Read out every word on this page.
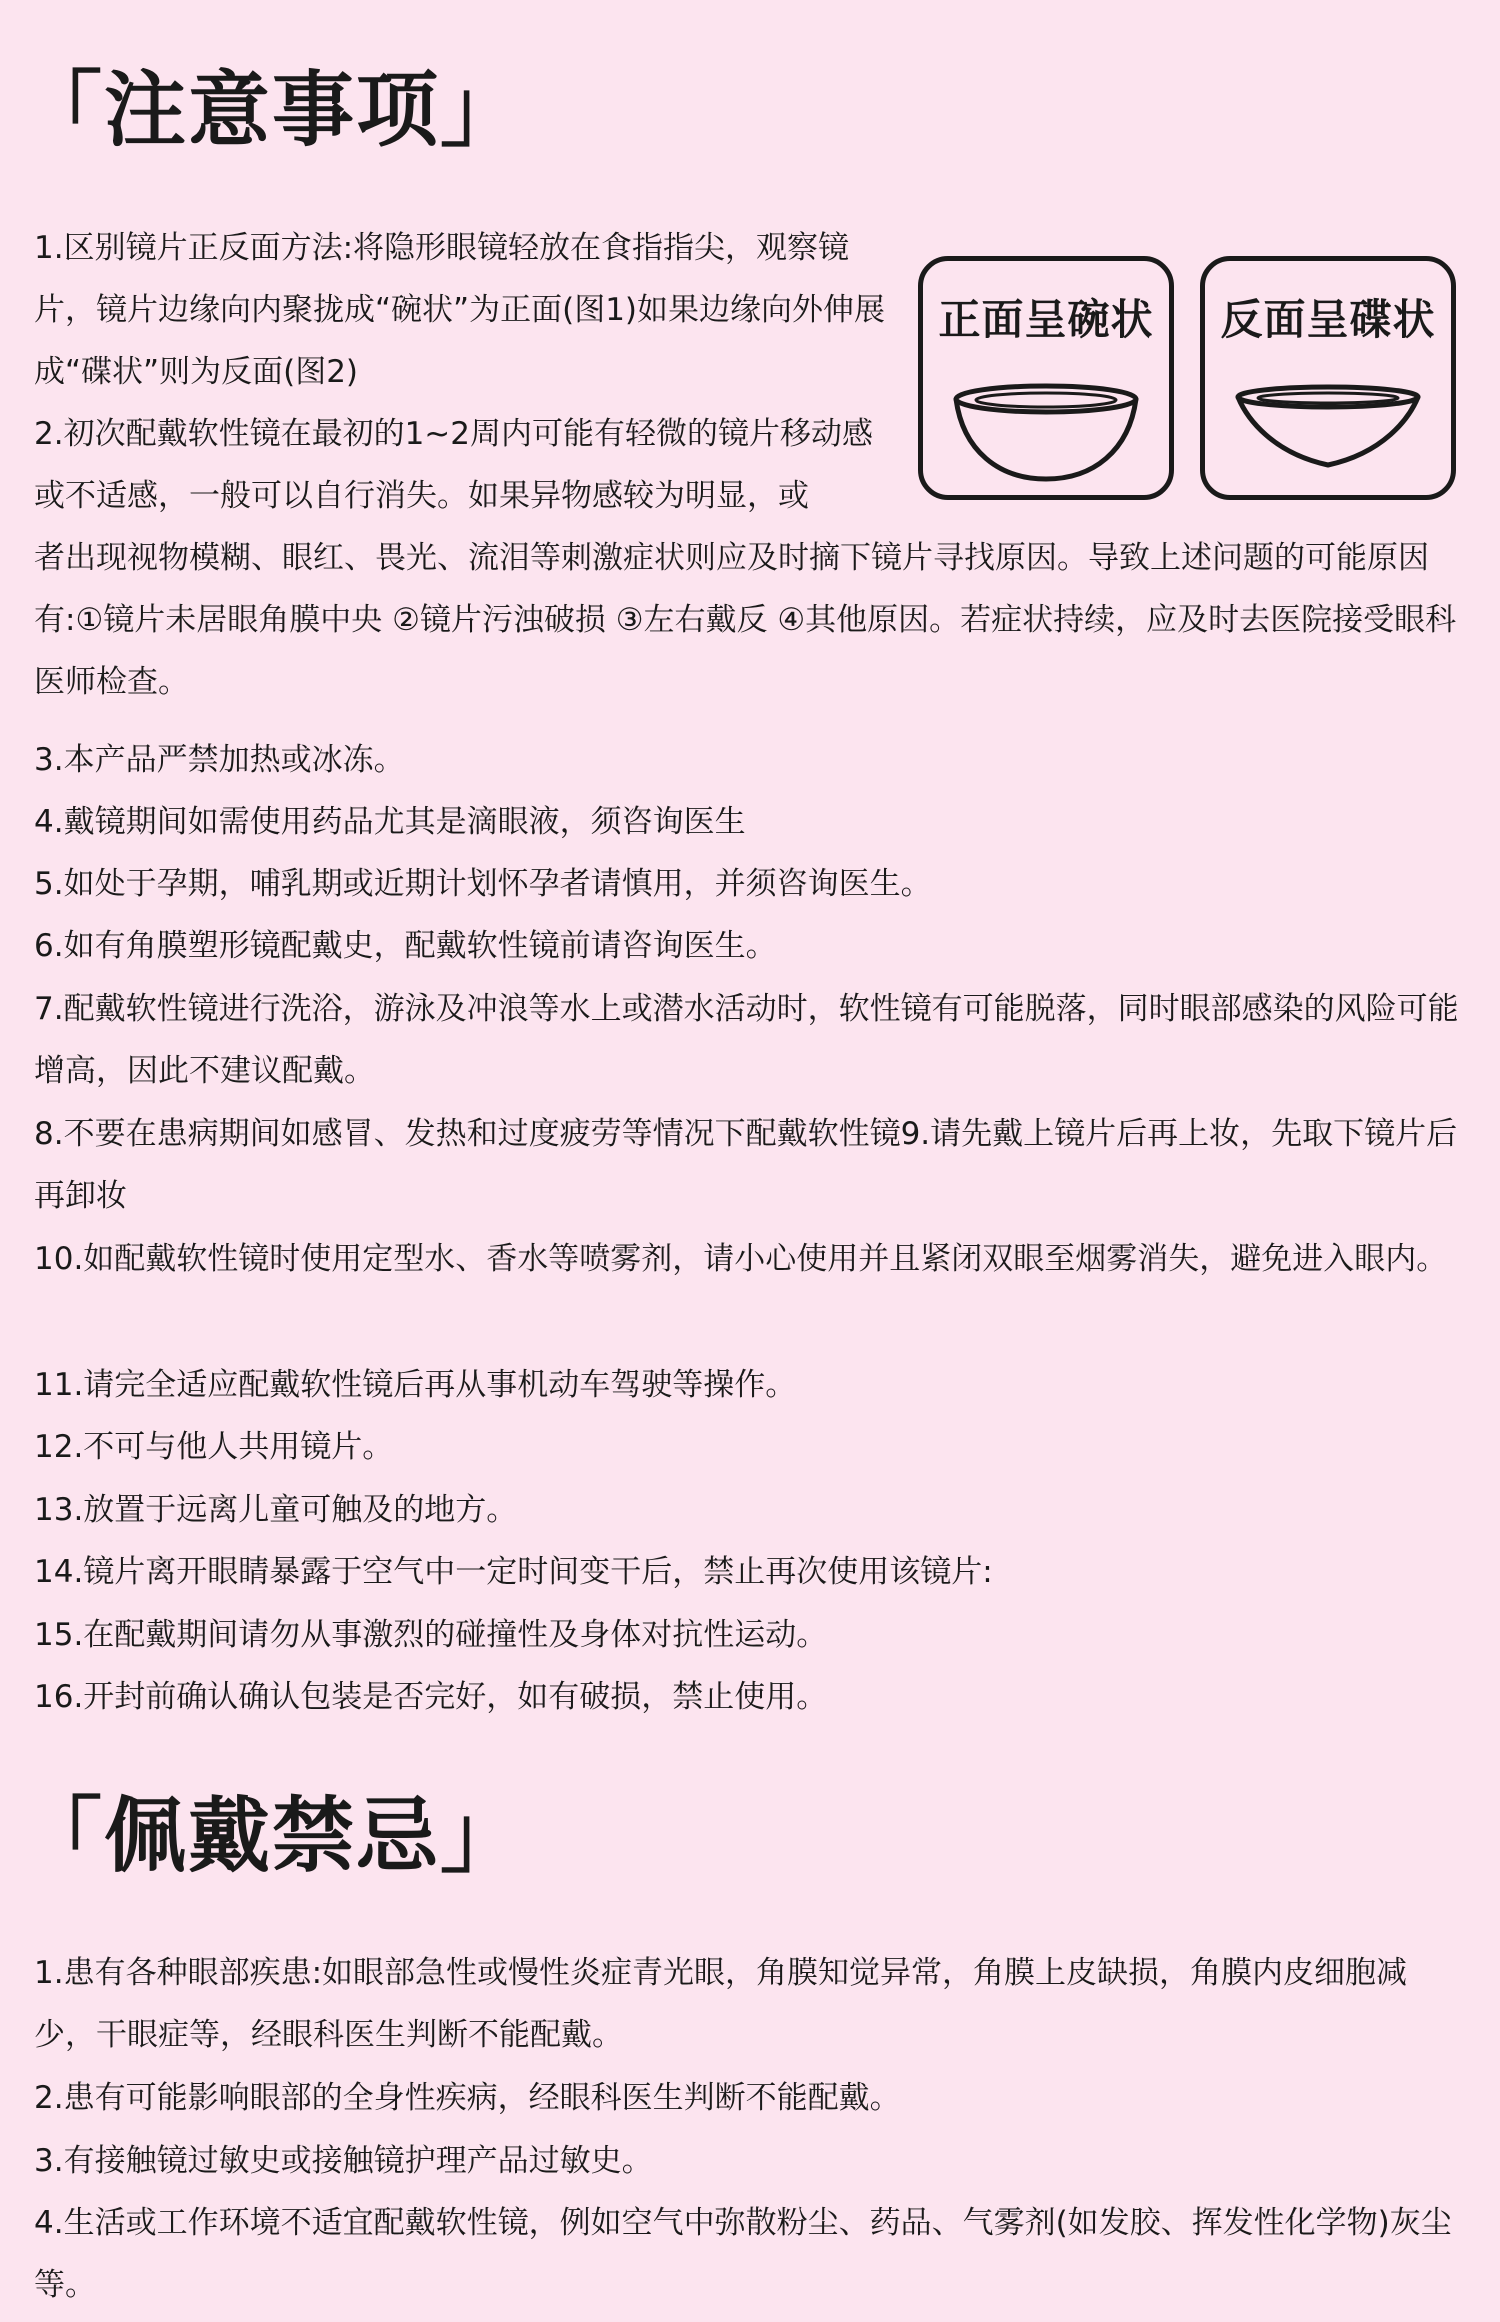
「注意事项」

1.区别镜片正反面方法:将隐形眼镜轻放在食指指尖，观察镜片，镜片边缘向内聚拢成“碗状”为正面(图1)如果边缘向外伸展成“碟状”则为反面(图2)

2.初次配戴软性镜在最初的1~2周内可能有轻微的镜片移动感或不适感，一般可以自行消失。如果异物感较为明显，或

者出现视物模糊、眼红、畏光、流泪等刺激症状则应及时摘下镜片寻找原因。导致上述问题的可能原因有:①镜片未居眼角膜中央 ②镜片污浊破损 ③左右戴反 ④其他原因。若症状持续，应及时去医院接受眼科医师检查。

正面呈碗状	反面呈碟状

3.本产品严禁加热或冰冻。

4.戴镜期间如需使用药品尤其是滴眼液，须咨询医生

5.如处于孕期，哺乳期或近期计划怀孕者请慎用，并须咨询医生。

6.如有角膜塑形镜配戴史，配戴软性镜前请咨询医生。

7.配戴软性镜进行洗浴，游泳及冲浪等水上或潜水活动时，软性镜有可能脱落，同时眼部感染的风险可能增高，因此不建议配戴。

8.不要在患病期间如感冒、发热和过度疲劳等情况下配戴软性镜9.请先戴上镜片后再上妆，先取下镜片后再卸妆

10.如配戴软性镜时使用定型水、香水等喷雾剂，请小心使用并且紧闭双眼至烟雾消失，避免进入眼内。

11.请完全适应配戴软性镜后再从事机动车驾驶等操作。

12.不可与他人共用镜片。

13.放置于远离儿童可触及的地方。

14.镜片离开眼睛暴露于空气中一定时间变干后，禁止再次使用该镜片:

15.在配戴期间请勿从事激烈的碰撞性及身体对抗性运动。

16.开封前确认确认包装是否完好，如有破损，禁止使用。

「佩戴禁忌」

1.患有各种眼部疾患:如眼部急性或慢性炎症青光眼，角膜知觉异常，角膜上皮缺损，角膜内皮细胞减少，干眼症等，经眼科医生判断不能配戴。

2.患有可能影响眼部的全身性疾病，经眼科医生判断不能配戴。

3.有接触镜过敏史或接触镜护理产品过敏史。

4.生活或工作环境不适宜配戴软性镜，例如空气中弥散粉尘、药品、气雾剂(如发胶、挥发性化学物)灰尘等。
